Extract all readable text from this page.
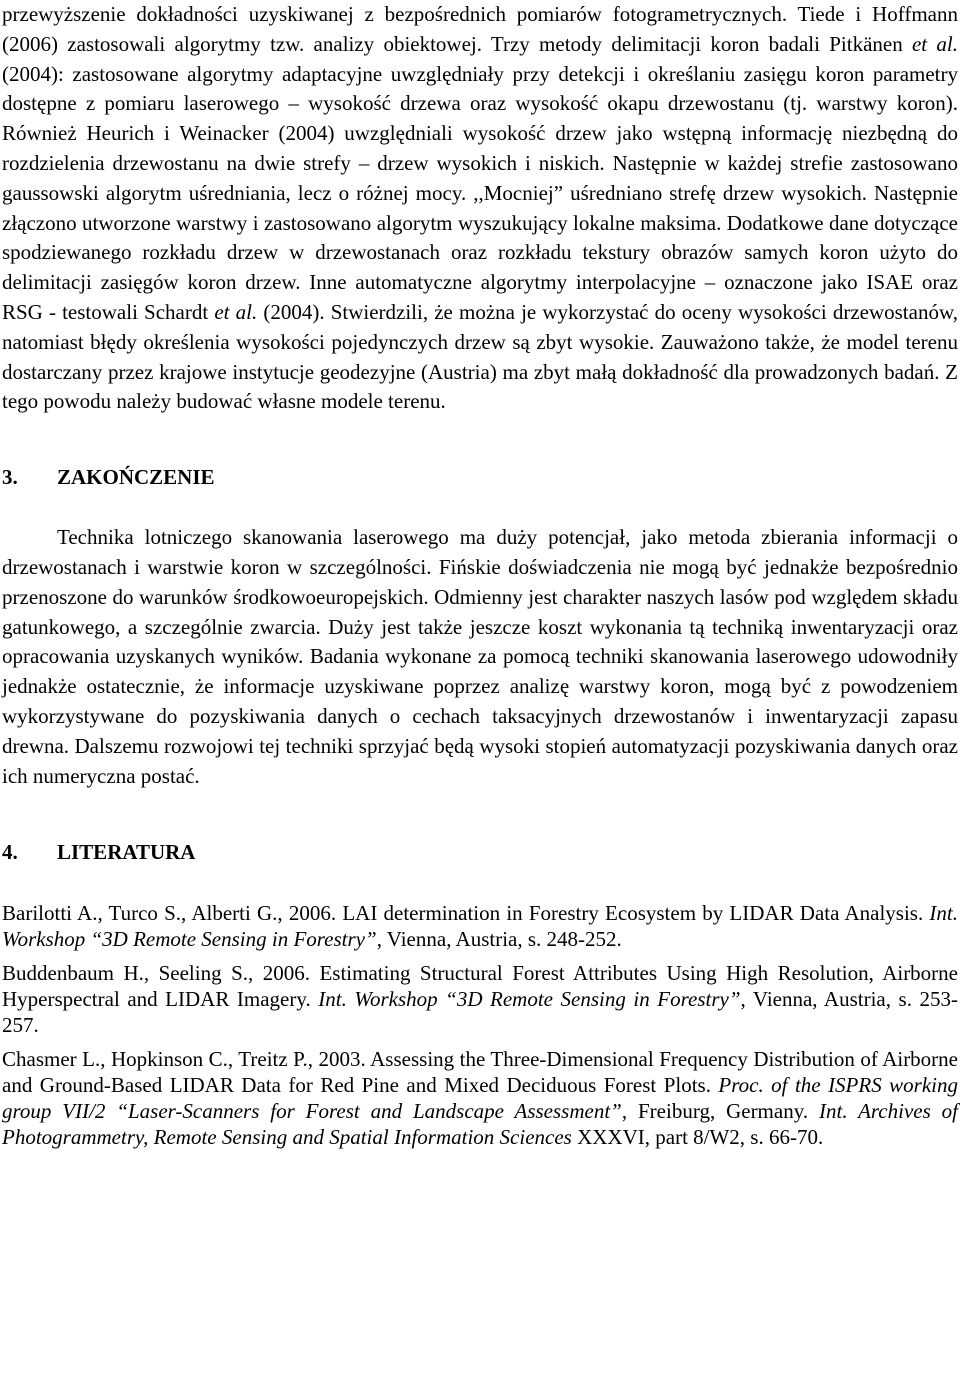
przewyższenie dokładności uzyskiwanej z bezpośrednich pomiarów fotogrametrycznych. Tiede i Hoffmann (2006) zastosowali algorytmy tzw. analizy obiektowej. Trzy metody delimitacji koron badali Pitkänen et al. (2004): zastosowane algorytmy adaptacyjne uwzględniały przy detekcji i określaniu zasięgu koron parametry dostępne z pomiaru laserowego – wysokość drzewa oraz wysokość okapu drzewostanu (tj. warstwy koron). Również Heurich i Weinacker (2004) uwzględniali wysokość drzew jako wstępną informację niezbędną do rozdzielenia drzewostanu na dwie strefy – drzew wysokich i niskich. Następnie w każdej strefie zastosowano gaussowski algorytm uśredniania, lecz o różnej mocy. ,,Mocniej” uśredniano strefę drzew wysokich. Następnie złączono utworzone warstwy i zastosowano algorytm wyszukujący lokalne maksima. Dodatkowe dane dotyczące spodziewanego rozkładu drzew w drzewostanach oraz rozkładu tekstury obrazów samych koron użyto do delimitacji zasięgów koron drzew. Inne automatyczne algorytmy interpolacyjne – oznaczone jako ISAE oraz RSG - testowali Schardt et al. (2004). Stwierdzili, że można je wykorzystać do oceny wysokości drzewostanów, natomiast błędy określenia wysokości pojedynczych drzew są zbyt wysokie. Zauważono także, że model terenu dostarczany przez krajowe instytucje geodezyjne (Austria) ma zbyt małą dokładność dla prowadzonych badań. Z tego powodu należy budować własne modele terenu.

3. ZAKOŃCZENIE

Technika lotniczego skanowania laserowego ma duży potencjał, jako metoda zbierania informacji o drzewostanach i warstwie koron w szczególności. Fińskie doświadczenia nie mogą być jednakże bezpośrednio przenoszone do warunków środkowoeuropejskich. Odmienny jest charakter naszych lasów pod względem składu gatunkowego, a szczególnie zwarcia. Duży jest także jeszcze koszt wykonania tą techniką inwentaryzacji oraz opracowania uzyskanych wyników. Badania wykonane za pomocą techniki skanowania laserowego udowodniły jednakże ostatecznie, że informacje uzyskiwane poprzez analizę warstwy koron, mogą być z powodzeniem wykorzystywane do pozyskiwania danych o cechach taksacyjnych drzewostanów i inwentaryzacji zapasu drewna. Dalszemu rozwojowi tej techniki sprzyjać będą wysoki stopień automatyzacji pozyskiwania danych oraz ich numeryczna postać.

4. LITERATURA

Barilotti A., Turco S., Alberti G., 2006. LAI determination in Forestry Ecosystem by LIDAR Data Analysis. Int. Workshop “3D Remote Sensing in Forestry”, Vienna, Austria, s. 248-252.

Buddenbaum H., Seeling S., 2006. Estimating Structural Forest Attributes Using High Resolution, Airborne Hyperspectral and LIDAR Imagery. Int. Workshop “3D Remote Sensing in Forestry”, Vienna, Austria, s. 253-257.

Chasmer L., Hopkinson C., Treitz P., 2003. Assessing the Three-Dimensional Frequency Distribution of Airborne and Ground-Based LIDAR Data for Red Pine and Mixed Deciduous Forest Plots. Proc. of the ISPRS working group VII/2 “Laser-Scanners for Forest and Landscape Assessment”, Freiburg, Germany. Int. Archives of Photogrammetry, Remote Sensing and Spatial Information Sciences XXXVI, part 8/W2, s. 66-70.
